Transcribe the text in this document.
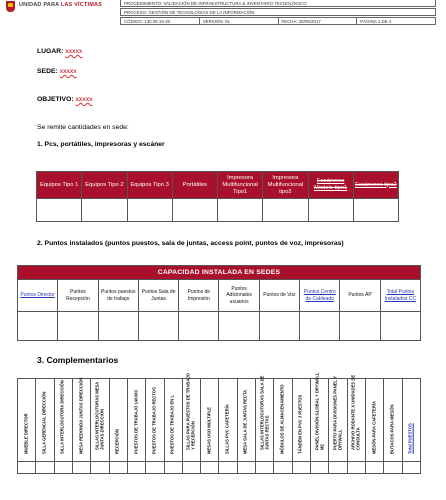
UNIDAD PARA LAS VÍCTIMAS	PROCEDIMIENTO: VALIDACIÓN DE INFRAESTRUCTURA & INVENTARIO TECNOLÓGICO
PROCESO: GESTIÓN DE TECNOLOGÍAS DE LA INFORMACIÓN
CÓDIGO: 130.05.15-20	VERSIÓN: 01	FECHA: 25/05/2017	PÁGINA 1 DE 4
LUGAR: xxxxx
SEDE: xxxxx
OBJETIVO: xxxxx
Se remite cantidades en sede:
1. Pcs, portátiles, impresoras y escáner
Equipos Tipo 1	Equipos Tipo 2	Equipos Tipo 3	Portátiles	Impresora Multifuncional Tipo1	Impresora Multifuncional tipo2	Escáneres Modelo tipo1	Escáneres tipo2

2. Puntos instalados (puntos puestos, sala de juntas, access point, puntos de voz, impresoras)
CAPACIDAD INSTALADA EN SEDES									
Puntos Director	Puntos Recepción	Puntos puestos de trabajo	Puntos Sala de Juntas	Puntos de Impresión	Puntos Adicionales usuarios	Puntos de Voz	Puntos Centro de Cableado	Puntos AP	Total Puntos Instalados CC

3. Complementarios
MUEBLE DIRECTOR	SILLA GERENCIAL DIRECCIÓN	SILLA INTERLOCUTORA DIRECCIÓN	MESA REDONDA JUNTAS DIRECCIÓN	SILLAS INTERLOCUTORAS MESA JUNTAS DIRECCIÓN	RECEPCIÓN	PUESTOS DE TRABAJO 140X60	PUESTOS DE TRABAJO RECTOS	PUESTOS DE TRABAJO EN L	SILLAS PARA PUESTOS DE TRABAJO Y RECEPCIÓN	MESAS USO MÚLTIPLE	SILLAS PVC CAFETERÍA	MESA SALA DE JUNTAS RECTA	SILLAS INTERLOCUTORAS SALA DE JUNTAS RECTAS	MÓDULOS DE ALMACENAMIENTO	TÁNDEM EN PVC 3 PUESTOS	PANEL DIVISIÓN GLOBAL + DRYWALL M2	PUERTO PARA DIVISIONES PANEL Y DRYWALL	ARCHIVO RODANTE X UNIDADES DE CONSULTA	MESÓN PARA CAFETERÍA	BUTACOS PARA MESÓN	Total PUESTOS
